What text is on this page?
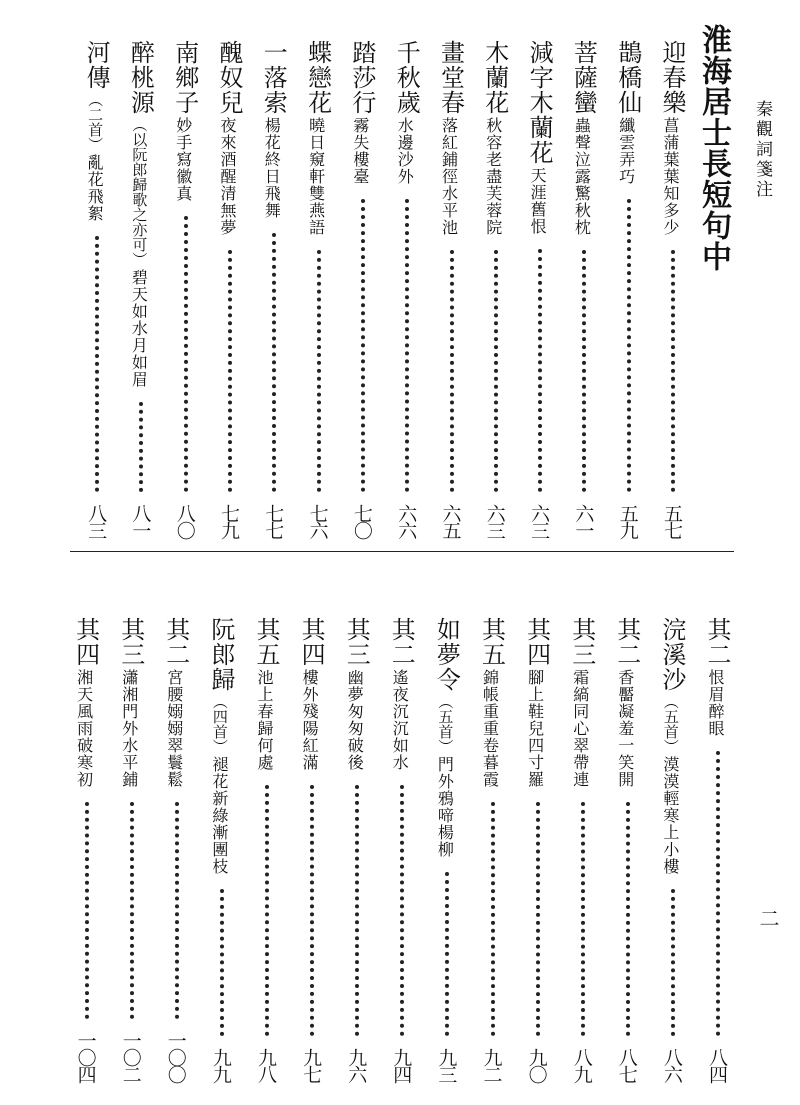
秦觀詞箋注
二
淮海居士長短句中
迎春樂
菖蒲葉葉知多少
五七
鵲橋仙
纖雲弄巧
五九
菩薩蠻
蟲聲泣露驚秋枕
六一
減字木蘭花
天涯舊恨
六三
木蘭花
秋容老盡芙蓉院
六三
畫堂春
落紅鋪徑水平池
六五
千秋歲
水邊沙外
六六
踏莎行
霧失樓臺
七〇
蝶戀花
曉日窺軒雙燕語
七六
一落索
楊花終日飛舞
七七
醜奴兒
夜來酒醒清無夢
七九
南鄉子
妙手寫徽真
八〇
醉桃源
（以阮郎歸歌之亦可）
碧天如水月如眉
八一
河傳
（二首）
亂花飛絮
八三
其二
恨眉醉眼
八四
浣溪沙
（五首）
漠漠輕寒上小樓
八六
其二
香靨凝羞一笑開
八七
其三
霜縞同心翠帶連
八九
其四
腳上鞋兒四寸羅
九〇
其五
錦帳重重卷暮霞
九二
如夢令
（五首）
門外鴉啼楊柳
九三
其二
遙夜沉沉如水
九四
其三
幽夢匆匆破後
九六
其四
樓外殘陽紅滿
九七
其五
池上春歸何處
九八
阮郎歸
（四首）
褪花新綠漸團枝
九九
其二
宮腰嫋嫋翠鬟鬆
一〇〇
其三
瀟湘門外水平鋪
一〇二
其四
湘天風雨破寒初
一〇四
